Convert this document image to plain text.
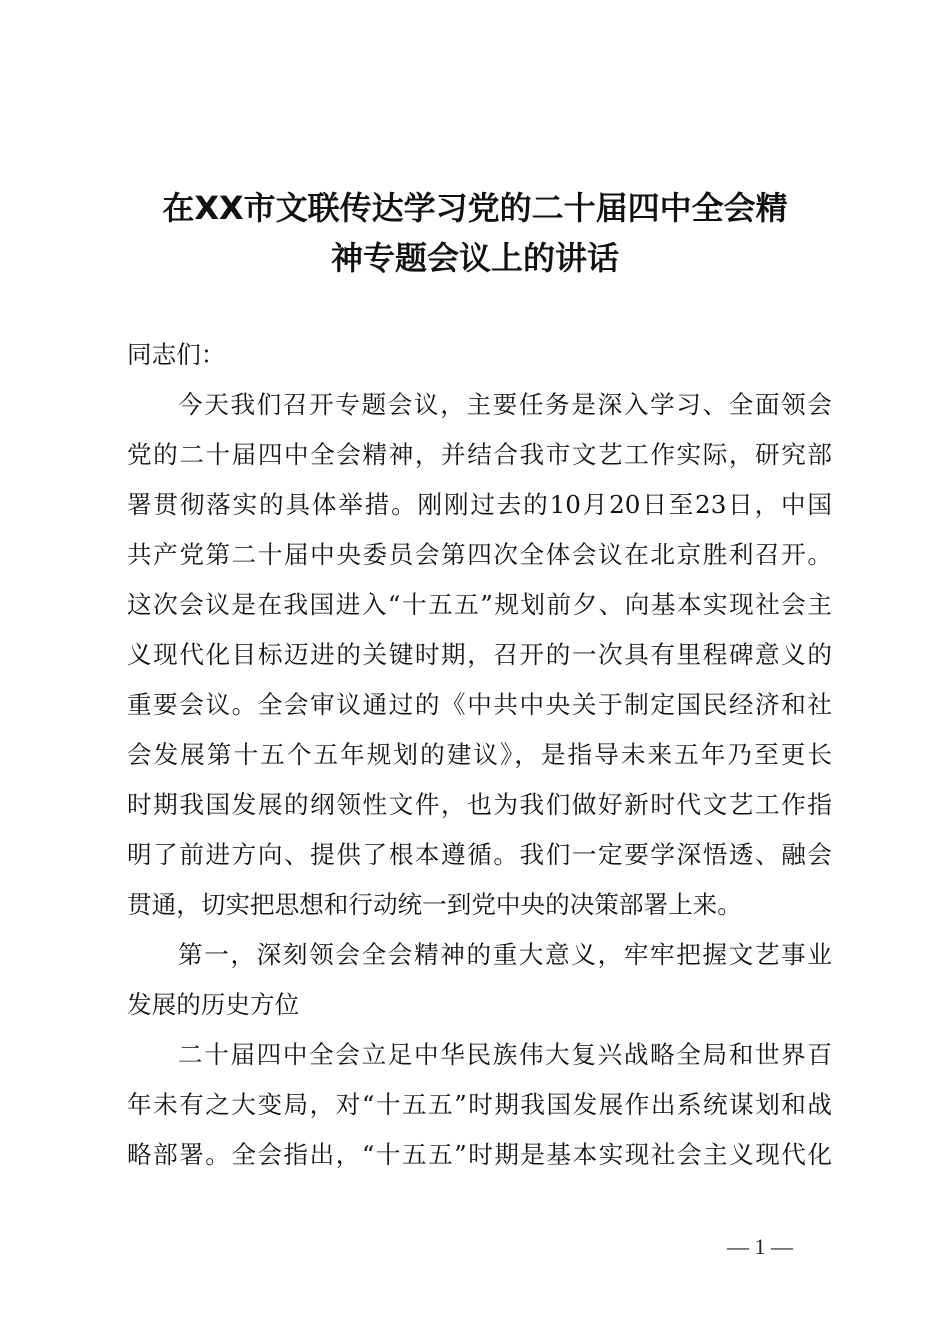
在XX市文联传达学习党的二十届四中全会精
神专题会议上的讲话
同志们：
今天我们召开专题会议，主要任务是深入学习、全面领会
党的二十届四中全会精神，并结合我市文艺工作实际，研究部
署贯彻落实的具体举措。刚刚过去的10月20日至23日，中国
共产党第二十届中央委员会第四次全体会议在北京胜利召开。
这次会议是在我国进入“十五五”规划前夕、向基本实现社会主
义现代化目标迈进的关键时期，召开的一次具有里程碑意义的
重要会议。全会审议通过的《中共中央关于制定国民经济和社
会发展第十五个五年规划的建议》，是指导未来五年乃至更长
时期我国发展的纲领性文件，也为我们做好新时代文艺工作指
明了前进方向、提供了根本遵循。我们一定要学深悟透、融会
贯通，切实把思想和行动统一到党中央的决策部署上来。
第一，深刻领会全会精神的重大意义，牢牢把握文艺事业
发展的历史方位
二十届四中全会立足中华民族伟大复兴战略全局和世界百
年未有之大变局，对“十五五”时期我国发展作出系统谋划和战
略部署。全会指出，“十五五”时期是基本实现社会主义现代化
— 1 —
